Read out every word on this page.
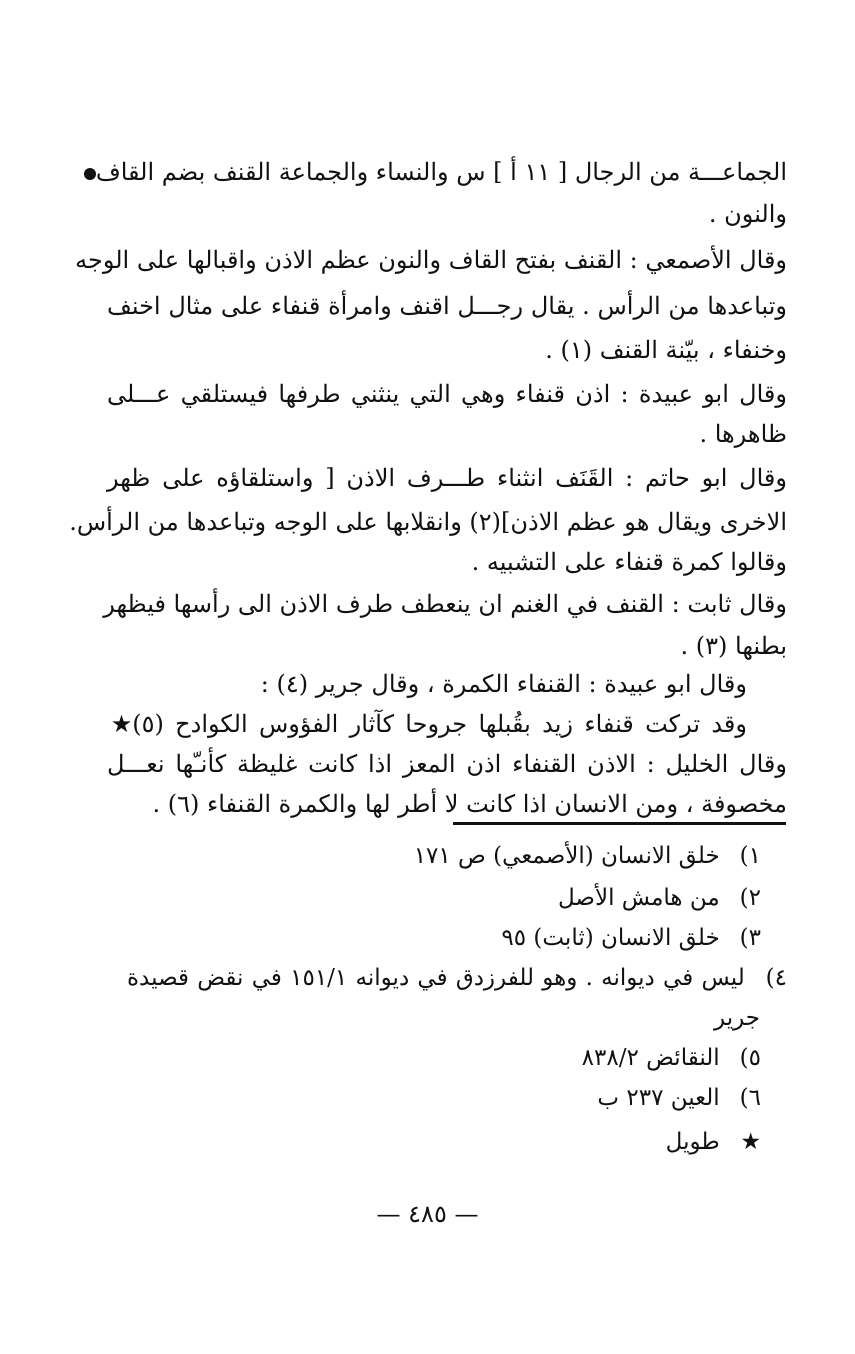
الجماعـــة من الرجال [ ١١ أ ] س والنساء والجماعة القنف بضم القاف
والنون .
وقال الأصمعي : القنف بفتح القاف والنون عظم الاذن واقبالها على الوجه
وتباعدها من الرأس . يقال رجـــل اقنف وامرأة قنفاء على مثال اخنف
وخنفاء ، بيّنة القنف (١) .
وقال ابو عبيدة : اذن قنفاء وهي التي ينثني طرفها فيستلقي عـــلى
ظاهرها .
وقال ابو حاتم : القَنَف انثناء طـــرف الاذن [ واستلقاؤه على ظهر
الاخرى ويقال هو عظم الاذن](٢) وانقلابها على الوجه وتباعدها من الرأس.
وقالوا كمرة قنفاء على التشبيه .
وقال ثابت : القنف في الغنم ان ينعطف طرف الاذن الى رأسها فيظهر
بطنها (٣) .
وقال ابو عبيدة : القنفاء الكمرة ، وقال جرير (٤) :
وقد تركت قنفاء زيد بقُبلها جروحا كآثار الفؤوس الكوادح (٥)★
وقال الخليل : الاذن القنفاء اذن المعز اذا كانت غليظة كأنـّها نعـــل
مخصوفة ، ومن الانسان اذا كانت لا أطر لها والكمرة القنفاء (٦) .
١) خلق الانسان (الأصمعي) ص ١٧١
٢) من هامش الأصل
٣) خلق الانسان (ثابت) ٩٥
٤) ليس في ديوانه . وهو للفرزدق في ديوانه ١٥١/١ في نقض قصيدة
جرير
٥) النقائض ٨٣٨/٢
٦) العين ٢٣٧ ب
★ طويل
— ٤٨٥ —
